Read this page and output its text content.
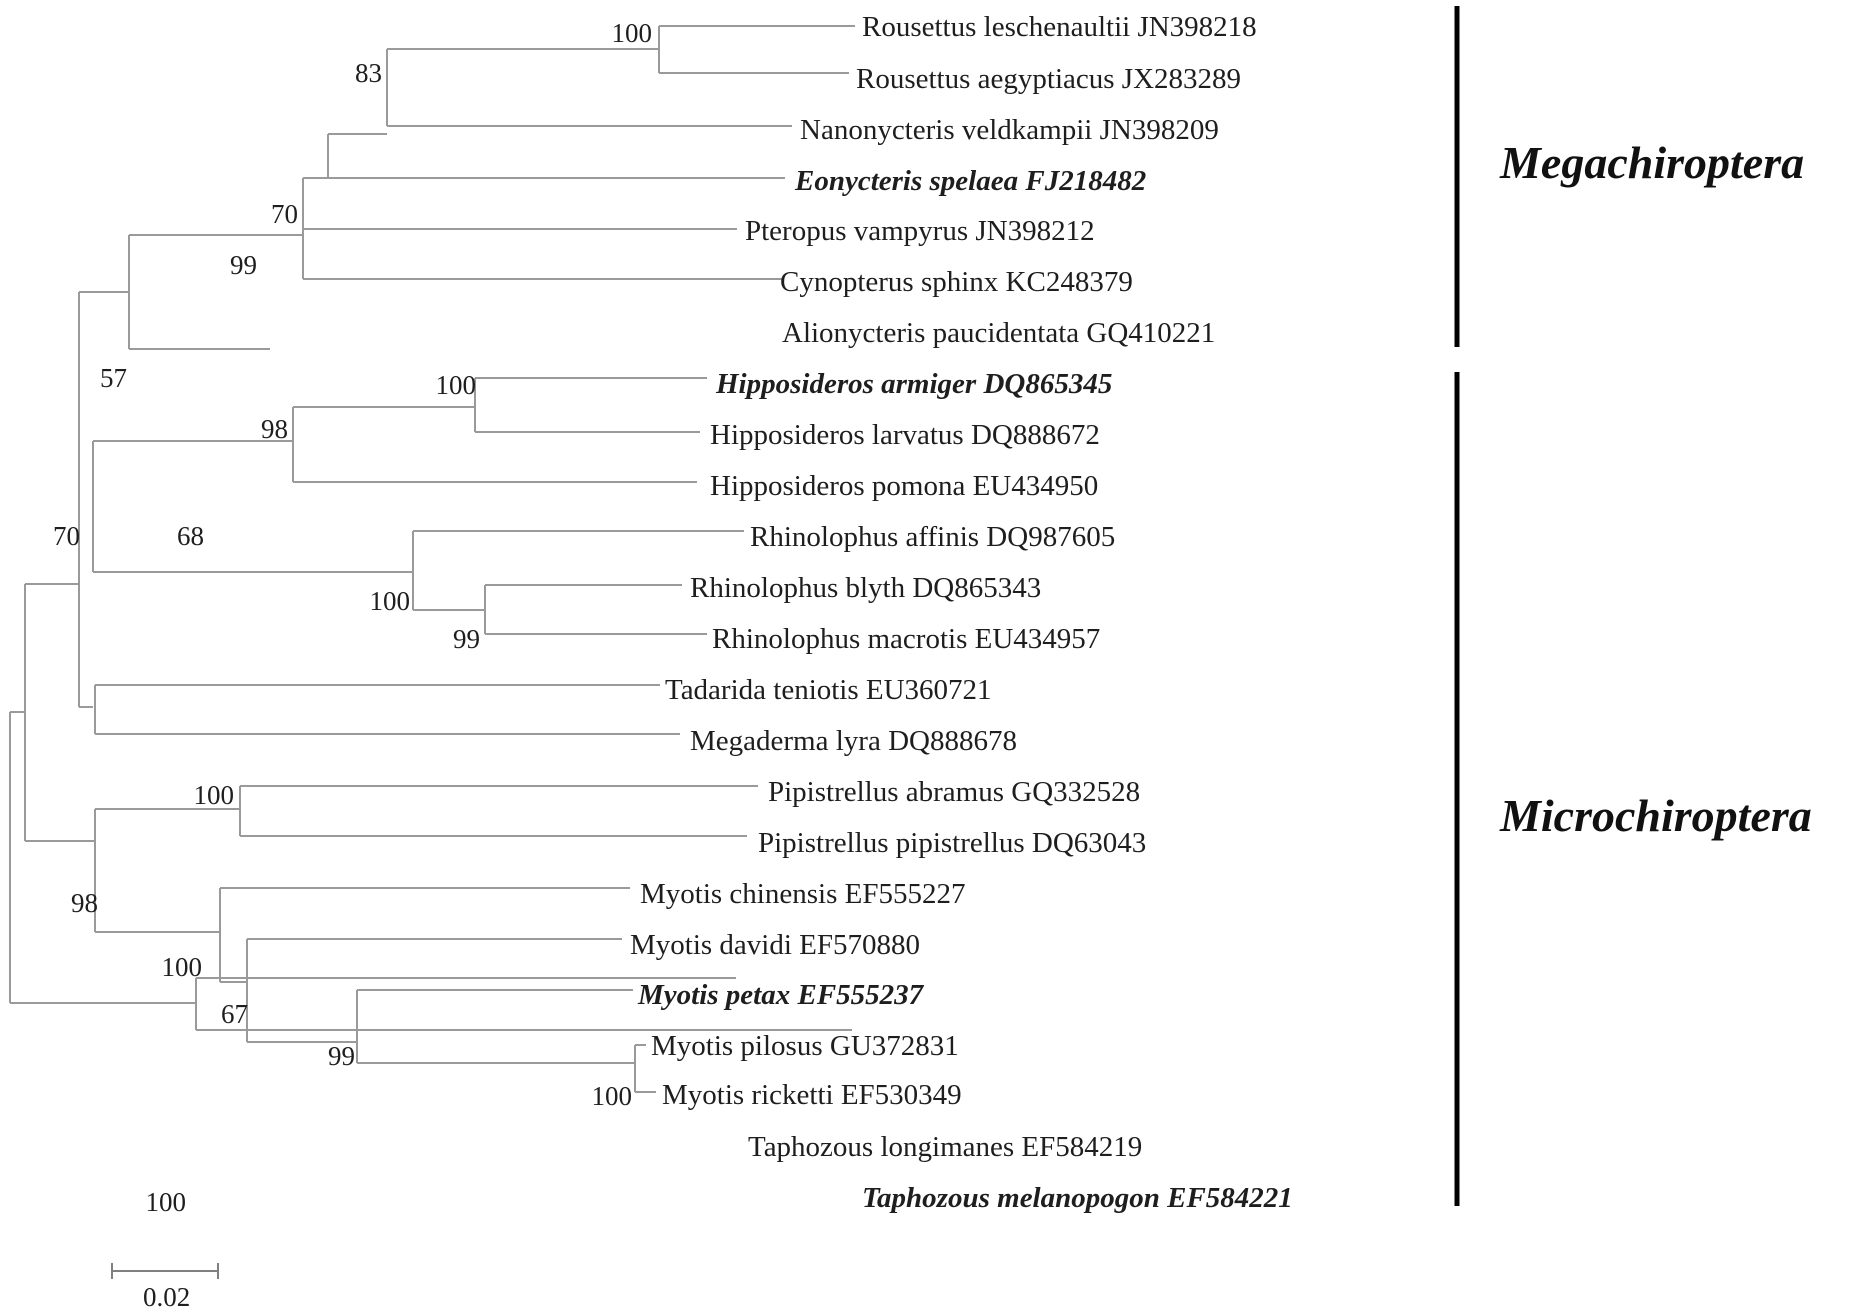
Rousettus leschenaultii JN398218
Rousettus aegyptiacus JX283289
Nanonycteris veldkampii JN398209
Eonycteris spelaea FJ218482
Pteropus vampyrus JN398212
Cynopterus sphinx KC248379
Alionycteris paucidentata GQ410221
Hipposideros armiger DQ865345
Hipposideros larvatus DQ888672
Hipposideros pomona EU434950
Rhinolophus affinis DQ987605
Rhinolophus blyth DQ865343
Rhinolophus macrotis EU434957
Tadarida teniotis EU360721
Megaderma lyra DQ888678
Pipistrellus abramus GQ332528
Pipistrellus pipistrellus DQ63043
Myotis chinensis EF555227
Myotis davidi EF570880
Myotis petax EF555237
Myotis pilosus GU372831
Myotis ricketti EF530349
Taphozous longimanes EF584219
Taphozous melanopogon EF584221
100
83
70
99
57	100
98
68
100
99
70
98
100
100
67
99
100
100
Megachiroptera
Microchiroptera
0.02
